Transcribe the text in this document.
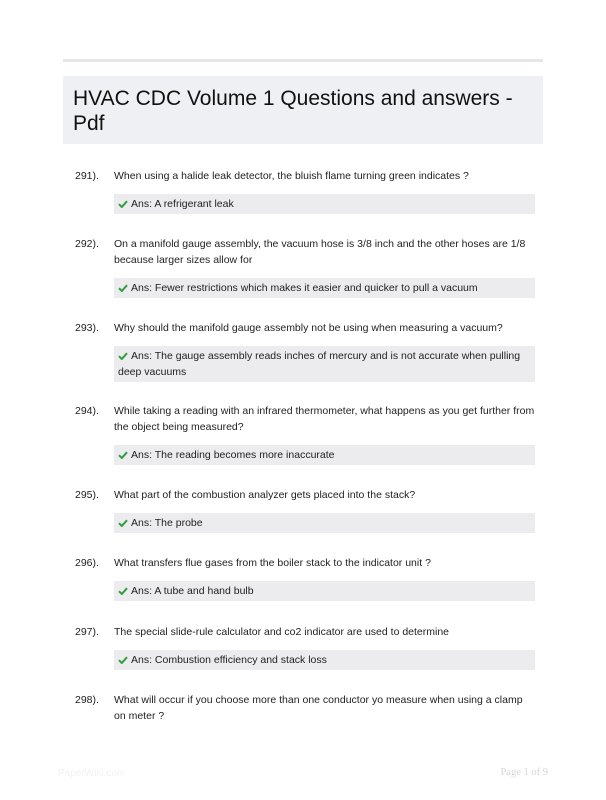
HVAC CDC Volume 1 Questions and answers - Pdf
291). When using a halide leak detector, the bluish flame turning green indicates ?
Ans: A refrigerant leak
292). On a manifold gauge assembly, the vacuum hose is 3/8 inch and the other hoses are 1/8 because larger sizes allow for
Ans: Fewer restrictions which makes it easier and quicker to pull a vacuum
293). Why should the manifold gauge assembly not be using when measuring a vacuum?
Ans: The gauge assembly reads inches of mercury and is not accurate when pulling deep vacuums
294). While taking a reading with an infrared thermometer, what happens as you get further from the object being measured?
Ans: The reading becomes more inaccurate
295). What part of the combustion analyzer gets placed into the stack?
Ans: The probe
296). What transfers flue gases from the boiler stack to the indicator unit ?
Ans: A tube and hand bulb
297). The special slide-rule calculator and co2 indicator are used to determine
Ans: Combustion efficiency and stack loss
298). What will occur if you choose more than one conductor yo measure when using a clamp on meter ?
PaperWiki.com	Page 1 of 9
